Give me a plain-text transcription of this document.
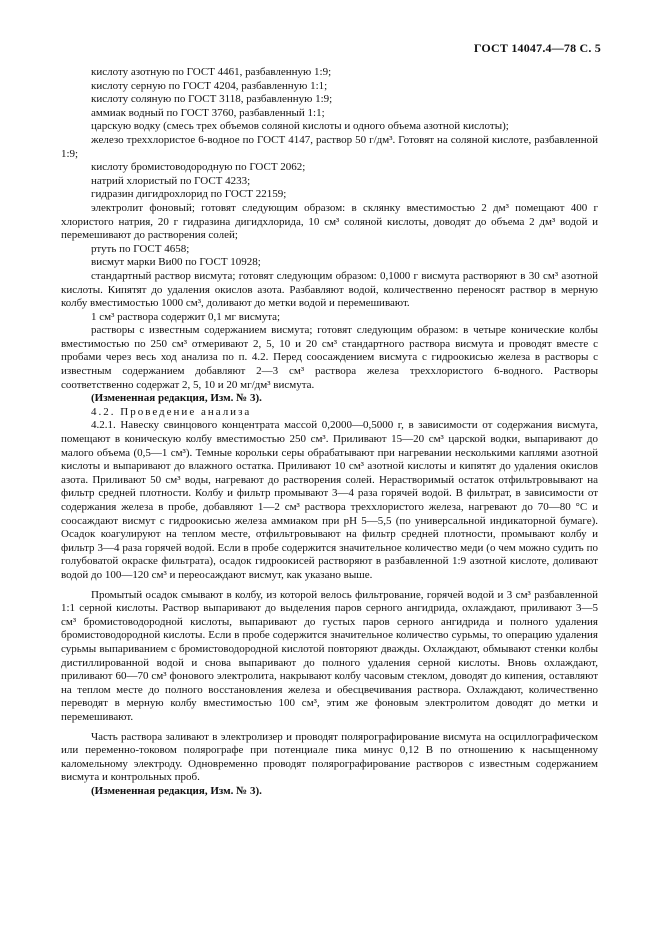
ГОСТ 14047.4—78 С. 5

кислоту азотную по ГОСТ 4461, разбавленную 1:9;

кислоту серную по ГОСТ 4204, разбавленную 1:1;

кислоту соляную по ГОСТ 3118, разбавленную 1:9;

аммиак водный по ГОСТ 3760, разбавленный 1:1;

царскую водку (смесь трех объемов соляной кислоты и одного объема азотной кислоты);

железо треххлористое 6-водное по ГОСТ 4147, раствор 50 г/дм³. Готовят на соляной кислоте, разбавленной 1:9;

кислоту бромистоводородную по ГОСТ 2062;

натрий хлористый по ГОСТ 4233;

гидразин дигидрохлорид по ГОСТ 22159;

электролит фоновый; готовят следующим образом: в склянку вместимостью 2 дм³ помещают 400 г хлористого натрия, 20 г гидразина дигидхлорида, 10 см³ соляной кислоты, доводят до объема 2 дм³ водой и перемешивают до растворения солей;

ртуть по ГОСТ 4658;

висмут марки Ви00 по ГОСТ 10928;

стандартный раствор висмута; готовят следующим образом: 0,1000 г висмута растворяют в 30 см³ азотной кислоты. Кипятят до удаления окислов азота. Разбавляют водой, количественно переносят раствор в мерную колбу вместимостью 1000 см³, доливают до метки водой и перемешивают.

1 см³ раствора содержит 0,1 мг висмута;

растворы с известным содержанием висмута; готовят следующим образом: в четыре конические колбы вместимостью по 250 см³ отмеривают 2, 5, 10 и 20 см³ стандартного раствора висмута и проводят вместе с пробами через весь ход анализа по п. 4.2. Перед соосаждением висмута с гидроокисью железа в растворы с известным содержанием добавляют 2—3 см³ раствора железа треххлористого 6-водного. Растворы соответственно содержат 2, 5, 10 и 20 мг/дм³ висмута.

(Измененная редакция, Изм. № 3).

4.2. Проведение анализа

4.2.1. Навеску свинцового концентрата массой 0,2000—0,5000 г, в зависимости от содержания висмута, помещают в коническую колбу вместимостью 250 см³. Приливают 15—20 см³ царской водки, выпаривают до малого объема (0,5—1 см³). Темные корольки серы обрабатывают при нагревании несколькими каплями азотной кислоты и выпаривают до влажного остатка. Приливают 10 см³ азотной кислоты и кипятят до удаления окислов азота. Приливают 50 см³ воды, нагревают до растворения солей. Нерастворимый остаток отфильтровывают на фильтр средней плотности. Колбу и фильтр промывают 3—4 раза горячей водой. В фильтрат, в зависимости от содержания железа в пробе, добавляют 1—2 см³ раствора треххлористого железа, нагревают до 70—80 °С и соосаждают висмут с гидроокисью железа аммиаком при pH 5—5,5 (по универсальной индикаторной бумаге). Осадок коагулируют на теплом месте, отфильтровывают на фильтр средней плотности, промывают колбу и фильтр 3—4 раза горячей водой. Если в пробе содержится значительное количество меди (о чем можно судить по голубоватой окраске фильтрата), осадок гидроокисей растворяют в разбавленной 1:9 азотной кислоте, доливают водой до 100—120 см³ и переосаждают висмут, как указано выше.

Промытый осадок смывают в колбу, из которой велось фильтрование, горячей водой и 3 см³ разбавленной 1:1 серной кислоты. Раствор выпаривают до выделения паров серного ангидрида, охлаждают, приливают 3—5 см³ бромистоводородной кислоты, выпаривают до густых паров серного ангидрида и полного удаления бромистоводородной кислоты. Если в пробе содержится значительное количество сурьмы, то операцию удаления сурьмы выпариванием с бромистоводородной кислотой повторяют дважды. Охлаждают, обмывают стенки колбы дистиллированной водой и снова выпаривают до полного удаления серной кислоты. Вновь охлаждают, приливают 60—70 см³ фонового электролита, накрывают колбу часовым стеклом, доводят до кипения, оставляют на теплом месте до полного восстановления железа и обесцвечивания раствора. Охлаждают, количественно переводят в мерную колбу вместимостью 100 см³, этим же фоновым электролитом доводят до метки и перемешивают.

Часть раствора заливают в электролизер и проводят полярографирование висмута на осциллографическом или переменно-токовом полярографе при потенциале пика минус 0,12 В по отношению к насыщенному каломельному электроду. Одновременно проводят полярографирование растворов с известным содержанием висмута и контрольных проб.

(Измененная редакция, Изм. № 3).
